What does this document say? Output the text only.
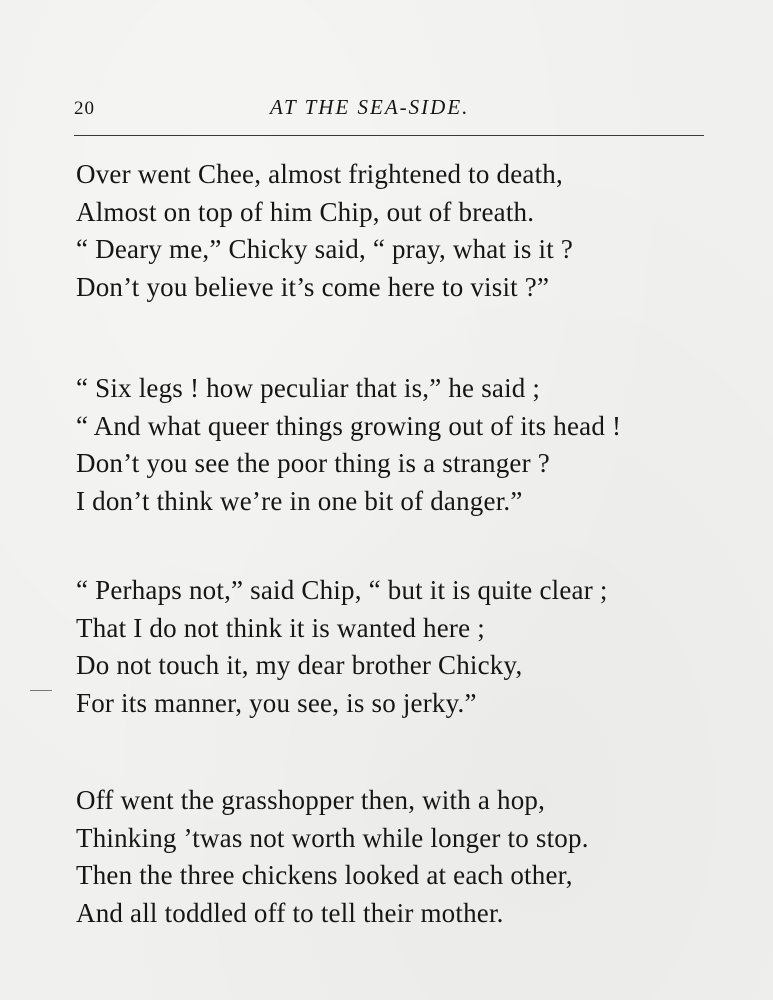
20	AT THE SEA-SIDE.
Over went Chee, almost frightened to death,
Almost on top of him Chip, out of breath.
“ Deary me,” Chicky said, “ pray, what is it ?
Don’t you believe it’s come here to visit ?”
“ Six legs ! how peculiar that is,” he said ;
“ And what queer things growing out of its head !
Don’t you see the poor thing is a stranger ?
I don’t think we’re in one bit of danger.”
“ Perhaps not,” said Chip, “ but it is quite clear ;
That I do not think it is wanted here ;
Do not touch it, my dear brother Chicky,
For its manner, you see, is so jerky.”
Off went the grasshopper then, with a hop,
Thinking ’twas not worth while longer to stop.
Then the three chickens looked at each other,
And all toddled off to tell their mother.
